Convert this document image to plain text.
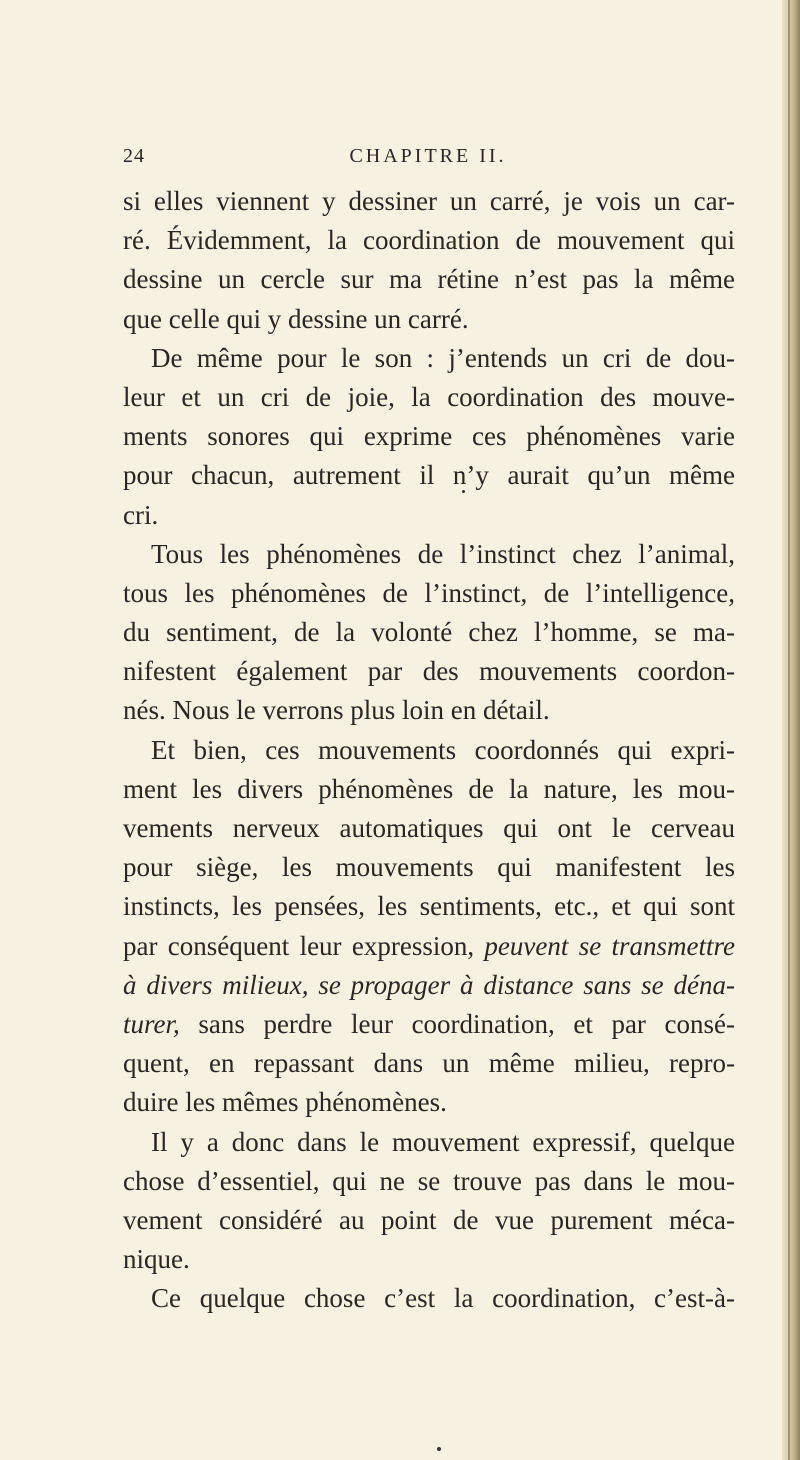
24	CHAPITRE II.
si elles viennent y dessiner un carré, je vois un car-
ré. Évidemment, la coordination de mouvement qui
dessine un cercle sur ma rétine n’est pas la même
que celle qui y dessine un carré.
De même pour le son : j’entends un cri de dou-
leur et un cri de joie, la coordination des mouve-
ments sonores qui exprime ces phénomènes varie
pour chacun, autrement il n’y aurait qu’un même
cri.
Tous les phénomènes de l’instinct chez l’animal,
tous les phénomènes de l’instinct, de l’intelligence,
du sentiment, de la volonté chez l’homme, se ma-
nifestent également par des mouvements coordon-
nés. Nous le verrons plus loin en détail.
Et bien, ces mouvements coordonnés qui expri-
ment les divers phénomènes de la nature, les mou-
vements nerveux automatiques qui ont le cerveau
pour siège, les mouvements qui manifestent les
instincts, les pensées, les sentiments, etc., et qui sont
par conséquent leur expression, peuvent se transmettre
à divers milieux, se propager à distance sans se déna-
turer, sans perdre leur coordination, et par consé-
quent, en repassant dans un même milieu, repro-
duire les mêmes phénomènes.
Il y a donc dans le mouvement expressif, quelque
chose d’essentiel, qui ne se trouve pas dans le mou-
vement considéré au point de vue purement méca-
nique.
Ce quelque chose c’est la coordination, c’est-à-
